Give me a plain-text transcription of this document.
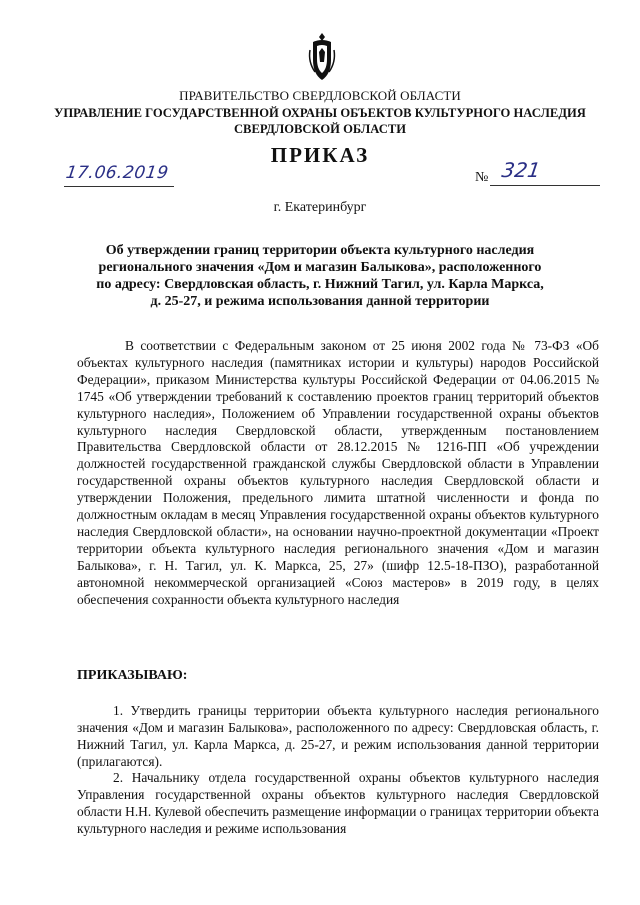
ПРАВИТЕЛЬСТВО СВЕРДЛОВСКОЙ ОБЛАСТИ
УПРАВЛЕНИЕ ГОСУДАРСТВЕННОЙ ОХРАНЫ ОБЪЕКТОВ КУЛЬТУРНОГО НАСЛЕДИЯ
СВЕРДЛОВСКОЙ ОБЛАСТИ
ПРИКАЗ
17.06.2019	№ 321
г. Екатеринбург
Об утверждении границ территории объекта культурного наследия
регионального значения «Дом и магазин Балыкова», расположенного
по адресу: Свердловская область, г. Нижний Тагил, ул. Карла Маркса,
д. 25-27, и режима использования данной территории
В соответствии с Федеральным законом от 25 июня 2002 года № 73-ФЗ «Об объектах культурного наследия (памятниках истории и культуры) народов Российской Федерации», приказом Министерства культуры Российской Федерации от 04.06.2015 № 1745 «Об утверждении требований к составлению проектов границ территорий объектов культурного наследия», Положением об Управлении государственной охраны объектов культурного наследия Свердловской области, утвержденным постановлением Правительства Свердловской области от 28.12.2015 № 1216-ПП «Об учреждении должностей государственной гражданской службы Свердловской области в Управлении государственной охраны объектов культурного наследия Свердловской области и утверждении Положения, предельного лимита штатной численности и фонда по должностным окладам в месяц Управления государственной охраны объектов культурного наследия Свердловской области», на основании научно-проектной документации «Проект территории объекта культурного наследия регионального значения «Дом и магазин Балыкова», г. Н. Тагил, ул. К. Маркса, 25, 27» (шифр 12.5-18-ПЗО), разработанной автономной некоммерческой организацией «Союз мастеров» в 2019 году, в целях обеспечения сохранности объекта культурного наследия
ПРИКАЗЫВАЮ:
1. Утвердить границы территории объекта культурного наследия регионального значения «Дом и магазин Балыкова», расположенного по адресу: Свердловская область, г. Нижний Тагил, ул. Карла Маркса, д. 25-27, и режим использования данной территории (прилагаются).
2. Начальнику отдела государственной охраны объектов культурного наследия Управления государственной охраны объектов культурного наследия Свердловской области Н.Н. Кулевой обеспечить размещение информации о границах территории объекта культурного наследия и режиме использования
